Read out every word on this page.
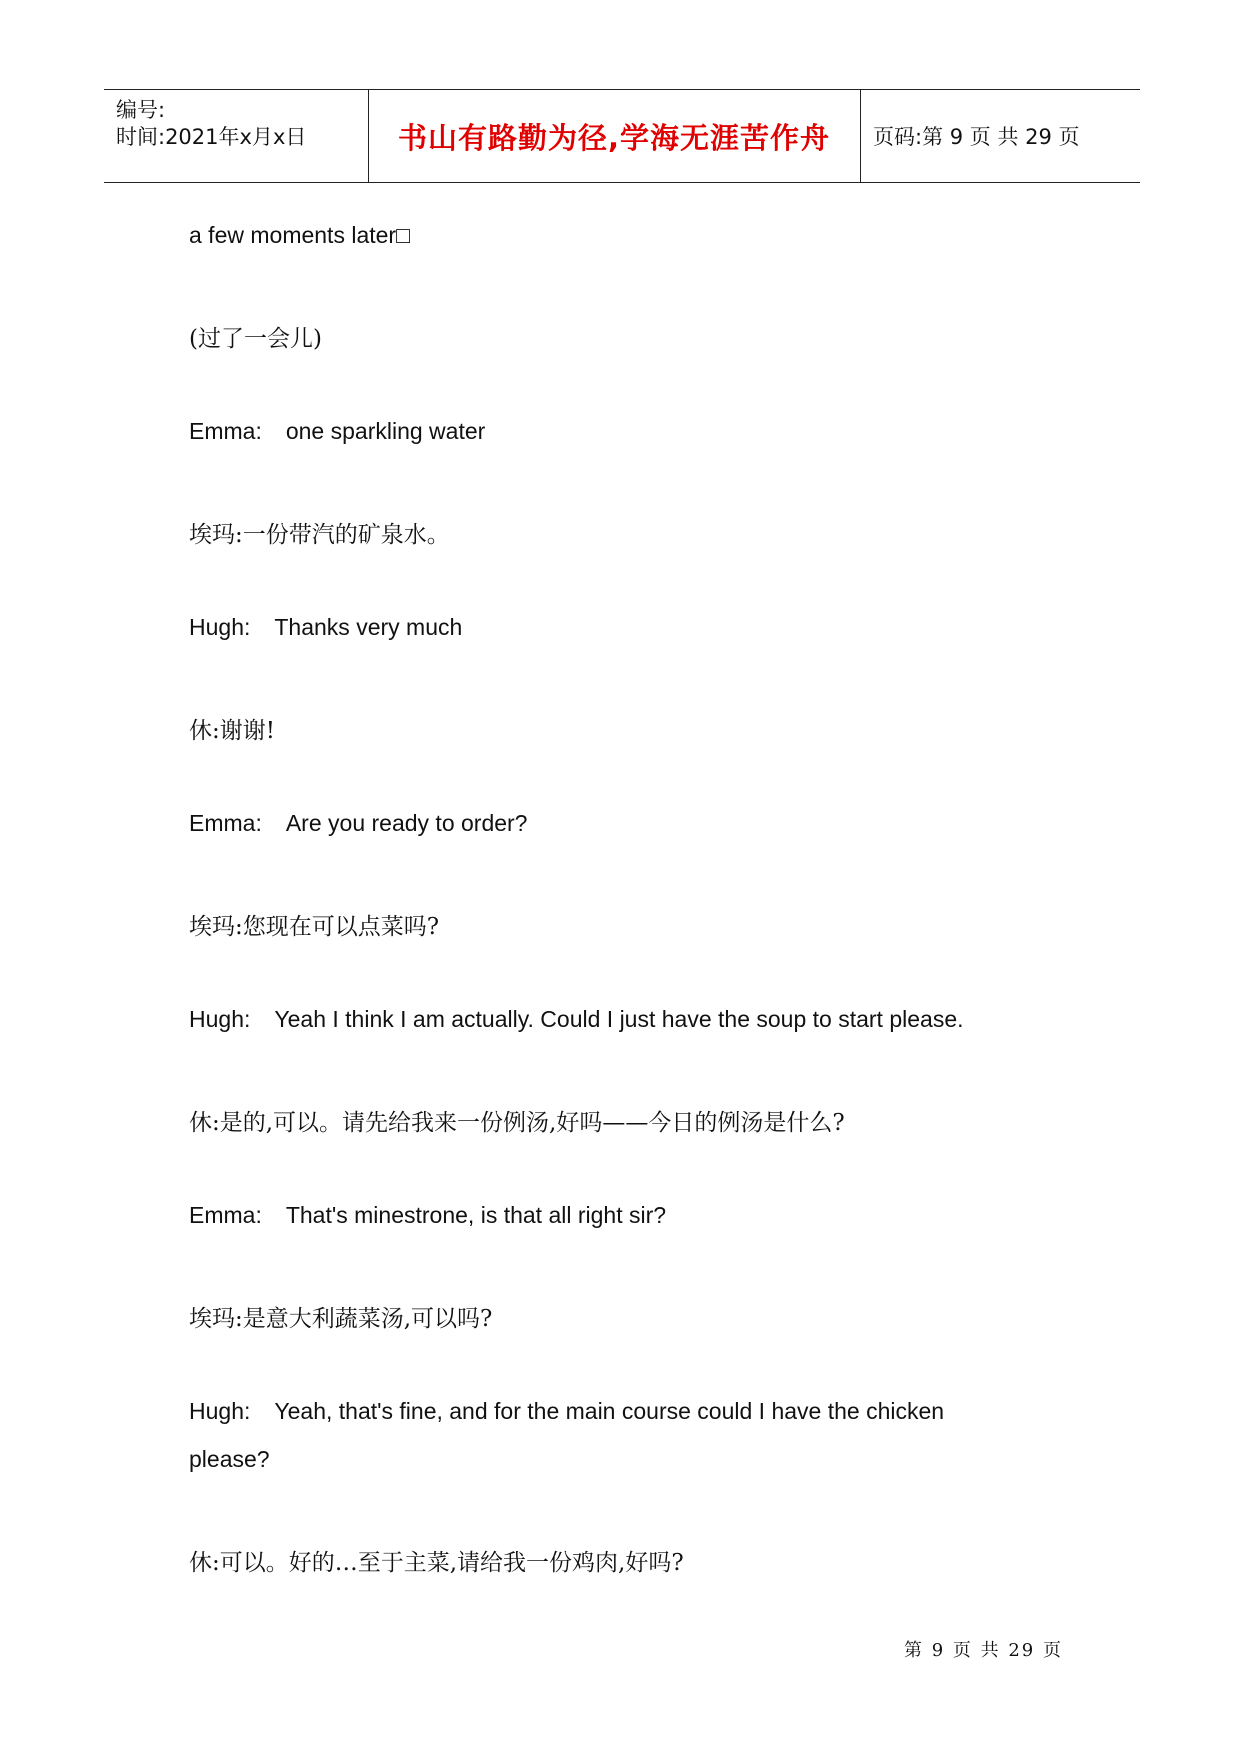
编号:
时间:2021年x月x日	书山有路勤为径,学海无涯苦作舟 页码:第 9 页 共 29 页
a few moments later□
(过了一会儿)
Emma: one sparkling water
埃玛:一份带汽的矿泉水。
Hugh: Thanks very much
休:谢谢!
Emma: Are you ready to order?
埃玛:您现在可以点菜吗?
Hugh: Yeah I think I am actually. Could I just have the soup to start please.
休:是的,可以。请先给我来一份例汤,好吗——今日的例汤是什么?
Emma: That's minestrone, is that all right sir?
埃玛:是意大利蔬菜汤,可以吗?
Hugh: Yeah, that's fine, and for the main course could I have the chicken
please?
休:可以。好的…至于主菜,请给我一份鸡肉,好吗?
第 9 页 共 29 页
